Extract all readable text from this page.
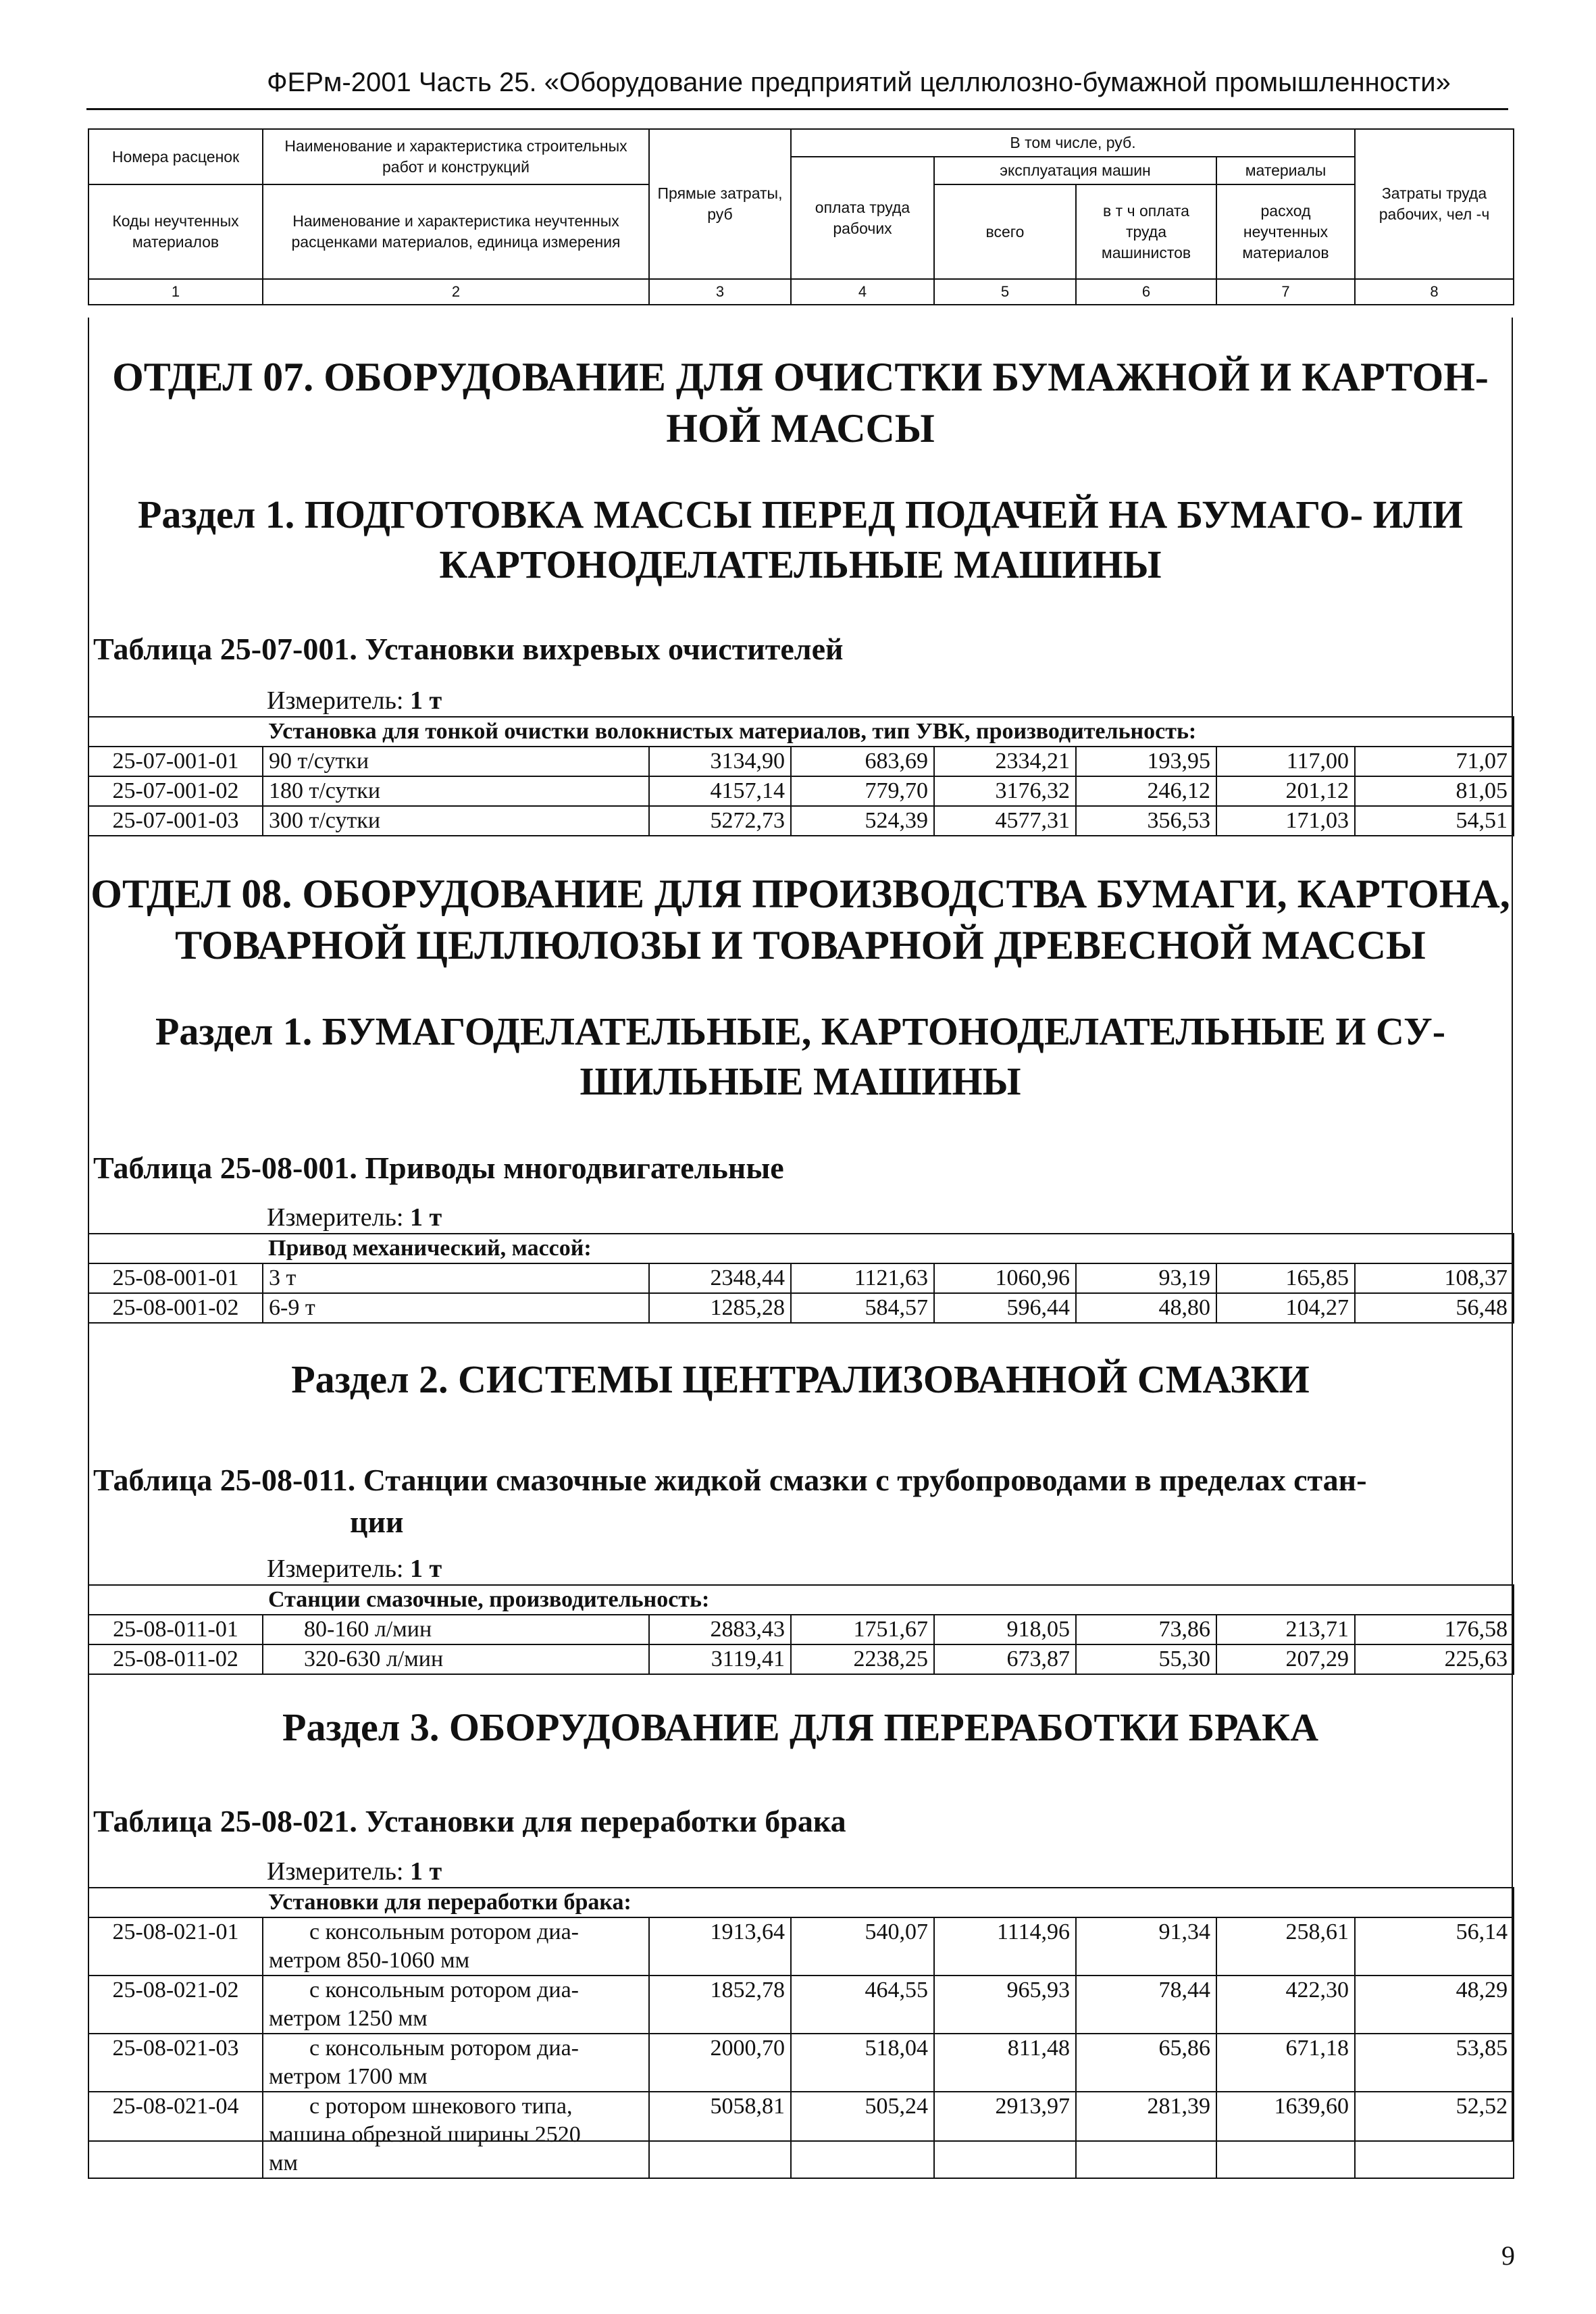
ФЕРм-2001 Часть 25. «Оборудование предприятий целлюлозно-бумажной промышленности»
Номера расценок	Наименование и характеристика строительных работ и конструкций	Прямые затраты, руб	В том числе, руб.				Затраты труда рабочих, чел -ч
			оплата труда рабочих	эксплуатация машин		материалы	
Коды неучтенных материалов	Наименование и характеристика неучтенных расценками материалов, единица измерения			всего	в т ч оплата труда машинистов	расход неучтенных материалов	

1	2	3	4	5	6	7	8
ОТДЕЛ 07. ОБОРУДОВАНИЕ ДЛЯ ОЧИСТКИ БУМАЖНОЙ И КАРТОН-
НОЙ МАССЫ
Раздел 1. ПОДГОТОВКА МАССЫ ПЕРЕД ПОДАЧЕЙ НА БУМАГО- ИЛИ
КАРТОНОДЕЛАТЕЛЬНЫЕ МАШИНЫ
Таблица 25-07-001. Установки вихревых очистителей
Измеритель: 1 т
Установка для тонкой очистки волокнистых материалов, тип УВК, производительность:							
25-07-001-01	90 т/сутки	3134,90	683,69	2334,21	193,95	117,00	71,07
25-07-001-02	180 т/сутки	4157,14	779,70	3176,32	246,12	201,12	81,05
25-07-001-03	300 т/сутки	5272,73	524,39	4577,31	356,53	171,03	54,51
ОТДЕЛ 08. ОБОРУДОВАНИЕ ДЛЯ ПРОИЗВОДСТВА БУМАГИ, КАРТОНА,
ТОВАРНОЙ ЦЕЛЛЮЛОЗЫ И ТОВАРНОЙ ДРЕВЕСНОЙ МАССЫ
Раздел 1. БУМАГОДЕЛАТЕЛЬНЫЕ, КАРТОНОДЕЛАТЕЛЬНЫЕ И СУ-
ШИЛЬНЫЕ МАШИНЫ
Таблица 25-08-001. Приводы многодвигательные
Измеритель: 1 т
Привод механический, массой:							
25-08-001-01	3 т	2348,44	1121,63	1060,96	93,19	165,85	108,37
25-08-001-02	6-9 т	1285,28	584,57	596,44	48,80	104,27	56,48
Раздел 2. СИСТЕМЫ ЦЕНТРАЛИЗОВАННОЙ СМАЗКИ
Таблица 25-08-011. Станции смазочные жидкой смазки с трубопроводами в пределах стан-
ции
Измеритель: 1 т
Станции смазочные, производительность:							
25-08-011-01	80-160 л/мин	2883,43	1751,67	918,05	73,86	213,71	176,58
25-08-011-02	320-630 л/мин	3119,41	2238,25	673,87	55,30	207,29	225,63
Раздел 3. ОБОРУДОВАНИЕ ДЛЯ ПЕРЕРАБОТКИ БРАКА
Таблица 25-08-021. Установки для переработки брака
Измеритель: 1 т
Установки для переработки брака:							
25-08-021-01	с консольным ротором диа-
метром 850-1060 мм	1913,64	540,07	1114,96	91,34	258,61	56,14
25-08-021-02	с консольным ротором диа-
метром 1250 мм	1852,78	464,55	965,93	78,44	422,30	48,29
25-08-021-03	с консольным ротором диа-
метром 1700 мм	2000,70	518,04	811,48	65,86	671,18	53,85
25-08-021-04	с ротором шнекового типа,
машина обрезной ширины 2520
мм	5058,81	505,24	2913,97	281,39	1639,60	52,52
9
